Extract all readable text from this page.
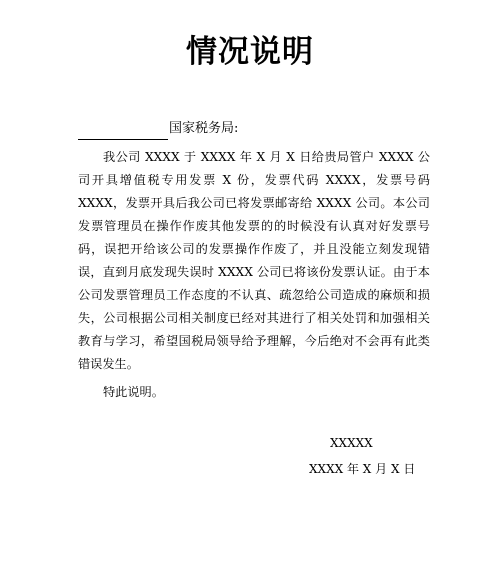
情况说明
国家税务局:

我公司 XXXX 于 XXXX 年 X 月 X 日给贵局管户 XXXX 公司开具增值税专用发票 X 份，发票代码 XXXX，发票号码 XXXX，发票开具后我公司已将发票邮寄给 XXXX 公司。本公司发票管理员在操作作废其他发票的的时候没有认真对好发票号码，误把开给该公司的发票操作作废了，并且没能立刻发现错误，直到月底发现失误时 XXXX 公司已将该份发票认证。由于本公司发票管理员工作态度的不认真、疏忽给公司造成的麻烦和损失，公司根据公司相关制度已经对其进行了相关处罚和加强相关教育与学习，希望国税局领导给予理解，今后绝对不会再有此类错误发生。

特此说明。

XXXXX
XXXX 年 X 月 X 日
